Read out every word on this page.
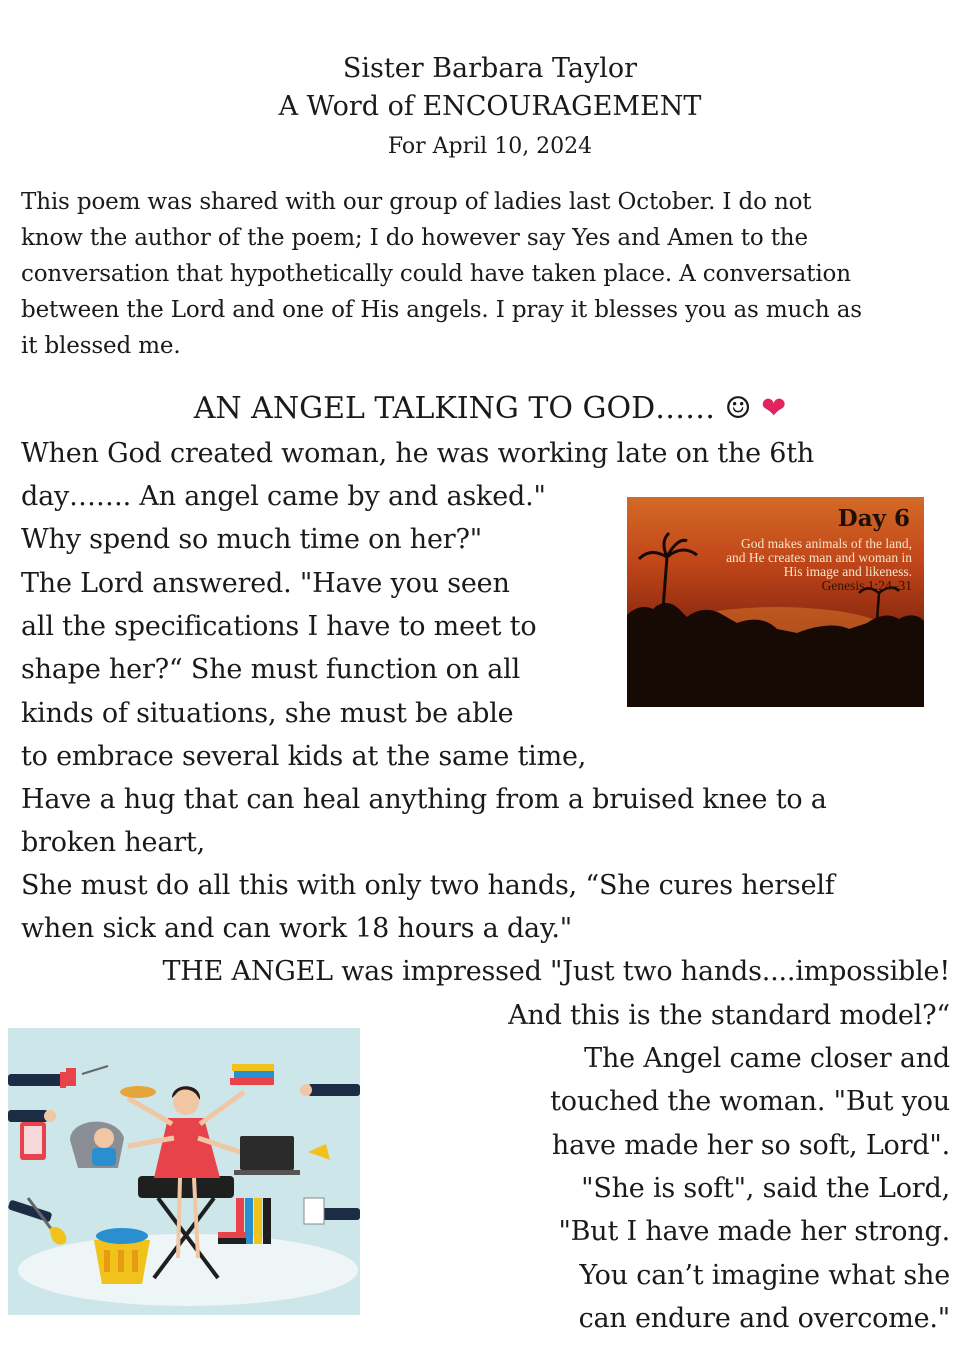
Sister Barbara Taylor
A Word of ENCOURAGEMENT
For April 10, 2024
This poem was shared with our group of ladies last October. I do not
know the author of the poem; I do however say Yes and Amen to the
conversation that hypothetically could have taken place. A conversation
between the Lord and one of His angels. I pray it blesses you as much as
it blessed me.
AN ANGEL TALKING TO GOD…… ☺ ❤
When God created woman, he was working late on the 6th
day……. An angel came by and asked."
Why spend so much time on her?"
The Lord answered. "Have you seen
all the specifications I have to meet to
shape her?“ She must function on all
kinds of situations, she must be able
to embrace several kids at the same time,
Have a hug that can heal anything from a bruised knee to a
broken heart,
She must do all this with only two hands, “She cures herself
when sick and can work 18 hours a day."
THE ANGEL was impressed "Just two hands....impossible!
And this is the standard model?“
The Angel came closer and
touched the woman. "But you
have made her so soft, Lord".
"She is soft", said the Lord,
"But I have made her strong.
You can’t imagine what she
can endure and overcome."
Day 6
God makes animals of the land,
and He creates man and woman in
His image and likeness.
Genesis 1:24–31
